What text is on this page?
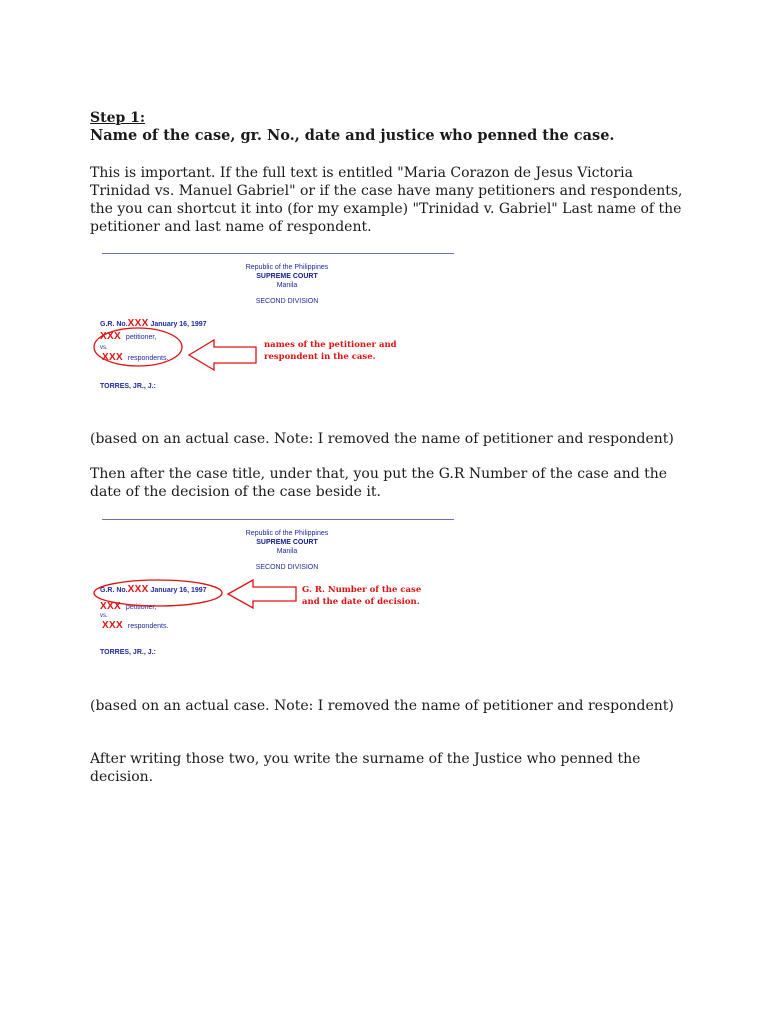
Step 1:
Name of the case, gr. No., date and justice who penned the case.

This is important. If the full text is entitled "Maria Corazon de Jesus Victoria Trinidad vs. Manuel Gabriel" or if the case have many petitioners and respondents, the you can shortcut it into (for my example) "Trinidad v. Gabriel" Last name of the petitioner and last name of respondent.

Republic of the Philippines
SUPREME COURT
Manila
SECOND DIVISION
G.R. No.XXX January 16, 1997
XXX petitioner,
vs.
XXX respondents.
TORRES, JR., J.:
names of the petitioner and
respondent in the case.

(based on an actual case. Note: I removed the name of petitioner and respondent)

Then after the case title, under that, you put the G.R Number of the case and the date of the decision of the case beside it.

Republic of the Philippines
SUPREME COURT
Manila
SECOND DIVISION
G.R. No.XXX January 16, 1997
XXX petitioner,
vs.
XXX respondents.
TORRES, JR., J.:
G. R. Number of the case
and the date of decision.

(based on an actual case. Note: I removed the name of petitioner and respondent)

After writing those two, you write the surname of the Justice who penned the decision.
